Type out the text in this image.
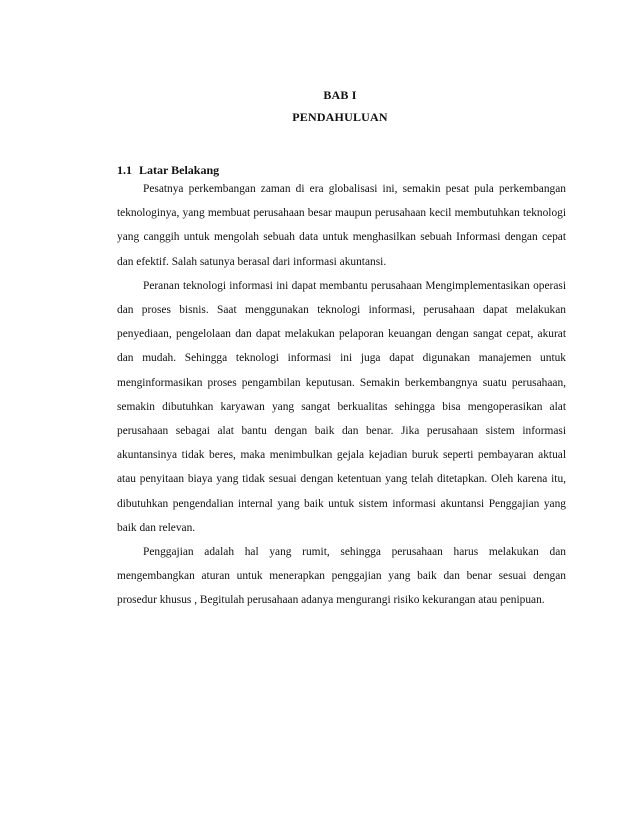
BAB I
PENDAHULUAN
1.1 Latar Belakang

Pesatnya perkembangan zaman di era globalisasi ini, semakin pesat pula perkembangan teknologinya, yang membuat perusahaan besar maupun perusahaan kecil membutuhkan teknologi yang canggih untuk mengolah sebuah data untuk menghasilkan sebuah Informasi dengan cepat dan efektif. Salah satunya berasal dari informasi akuntansi.

Peranan teknologi informasi ini dapat membantu perusahaan Mengimplementasikan operasi dan proses bisnis. Saat menggunakan teknologi informasi, perusahaan dapat melakukan penyediaan, pengelolaan dan dapat melakukan pelaporan keuangan dengan sangat cepat, akurat dan mudah. Sehingga teknologi informasi ini juga dapat digunakan manajemen untuk menginformasikan proses pengambilan keputusan. Semakin berkembangnya suatu perusahaan, semakin dibutuhkan karyawan yang sangat berkualitas sehingga bisa mengoperasikan alat perusahaan sebagai alat bantu dengan baik dan benar. Jika perusahaan sistem informasi akuntansinya tidak beres, maka menimbulkan gejala kejadian buruk seperti pembayaran aktual atau penyitaan biaya yang tidak sesuai dengan ketentuan yang telah ditetapkan. Oleh karena itu, dibutuhkan pengendalian internal yang baik untuk sistem informasi akuntansi Penggajian yang baik dan relevan.

Penggajian adalah hal yang rumit, sehingga perusahaan harus melakukan dan mengembangkan aturan untuk menerapkan penggajian yang baik dan benar sesuai dengan prosedur khusus , Begitulah perusahaan adanya mengurangi risiko kekurangan atau penipuan.
